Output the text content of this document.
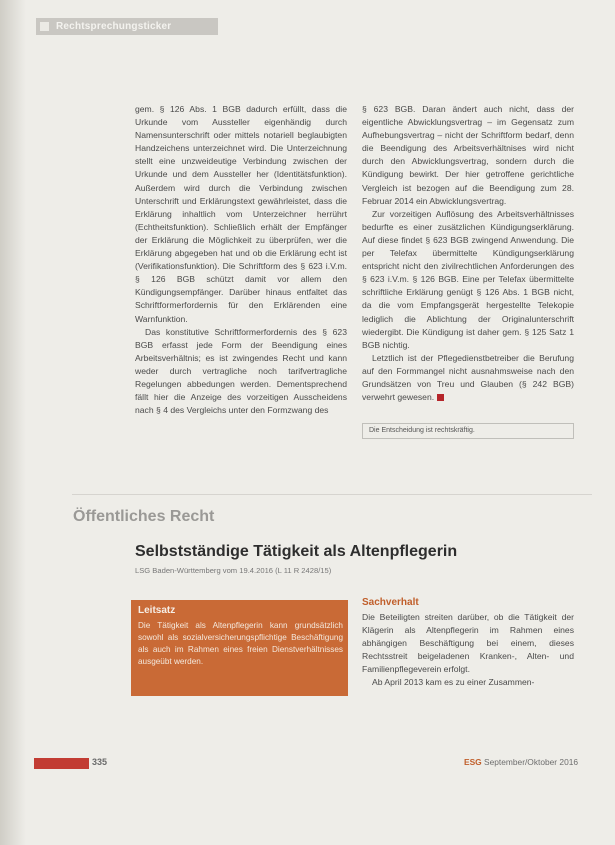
Rechtsprechungsticker

gem. § 126 Abs. 1 BGB dadurch erfüllt, dass die Urkunde vom Aussteller eigenhändig durch Namensunterschrift oder mittels notariell beglaubigten Handzeichens unterzeichnet wird. Die Unterzeichnung stellt eine unzweideutige Verbindung zwischen der Urkunde und dem Aussteller her (Identitätsfunktion). Außerdem wird durch die Verbindung zwischen Unterschrift und Erklärungstext gewährleistet, dass die Erklärung inhaltlich vom Unterzeichner herrührt (Echtheitsfunktion). Schließlich erhält der Empfänger der Erklärung die Möglichkeit zu überprüfen, wer die Erklärung abgegeben hat und ob die Erklärung echt ist (Verifikationsfunktion). Die Schriftform des § 623 i.V.m. § 126 BGB schützt damit vor allem den Kündigungsempfänger. Darüber hinaus entfaltet das Schriftformerfordernis für den Erklärenden eine Warnfunktion.

Das konstitutive Schriftformerfordernis des § 623 BGB erfasst jede Form der Beendigung eines Arbeitsverhältnis; es ist zwingendes Recht und kann weder durch vertragliche noch tarifvertragliche Regelungen abbedungen werden. Dementsprechend fällt hier die Anzeige des vorzeitigen Ausscheidens nach § 4 des Vergleichs unter den Formzwang des

§ 623 BGB. Daran ändert auch nicht, dass der eigentliche Abwicklungsvertrag – im Gegensatz zum Aufhebungsvertrag – nicht der Schriftform bedarf, denn die Beendigung des Arbeitsverhältnises wird nicht durch den Abwicklungsvertrag, sondern durch die Kündigung bewirkt. Der hier getroffene gerichtliche Vergleich ist bezogen auf die Beendigung zum 28. Februar 2014 ein Abwicklungsvertrag.

Zur vorzeitigen Auflösung des Arbeitsverhältnisses bedurfte es einer zusätzlichen Kündigungserklärung. Auf diese findet § 623 BGB zwingend Anwendung. Die per Telefax übermittelte Kündigungserklärung entspricht nicht den zivilrechtlichen Anforderungen des § 623 i.V.m. § 126 BGB. Eine per Telefax übermittelte schriftliche Erklärung genügt § 126 Abs. 1 BGB nicht, da die vom Empfangsgerät hergestellte Telekopie lediglich die Ablichtung der Originalunterschrift wiedergibt. Die Kündigung ist daher gem. § 125 Satz 1 BGB nichtig.

Letztlich ist der Pflegedienstbetreiber die Berufung auf den Formmangel nicht ausnahmsweise nach den Grundsätzen von Treu und Glauben (§ 242 BGB) verwehrt gewesen.

Die Entscheidung ist rechtskräftig.
Öffentliches Recht
Selbstständige Tätigkeit als Altenpflegerin
LSG Baden-Württemberg vom 19.4.2016 (L 11 R 2428/15)
Leitsatz
Die Tätigkeit als Altenpflegerin kann grundsätzlich sowohl als sozialversicherungspflichtige Beschäftigung als auch im Rahmen eines freien Dienstverhältnisses ausgeübt werden.
Sachverhalt

Die Beteiligten streiten darüber, ob die Tätigkeit der Klägerin als Altenpflegerin im Rahmen eines abhängigen Beschäftigung bei einem, dieses Rechtsstreit beigeladenen Kranken-, Alten- und Familienpflegeverein erfolgt.

Ab April 2013 kam es zu einer Zusammen-

335	ESG September/Oktober 2016
